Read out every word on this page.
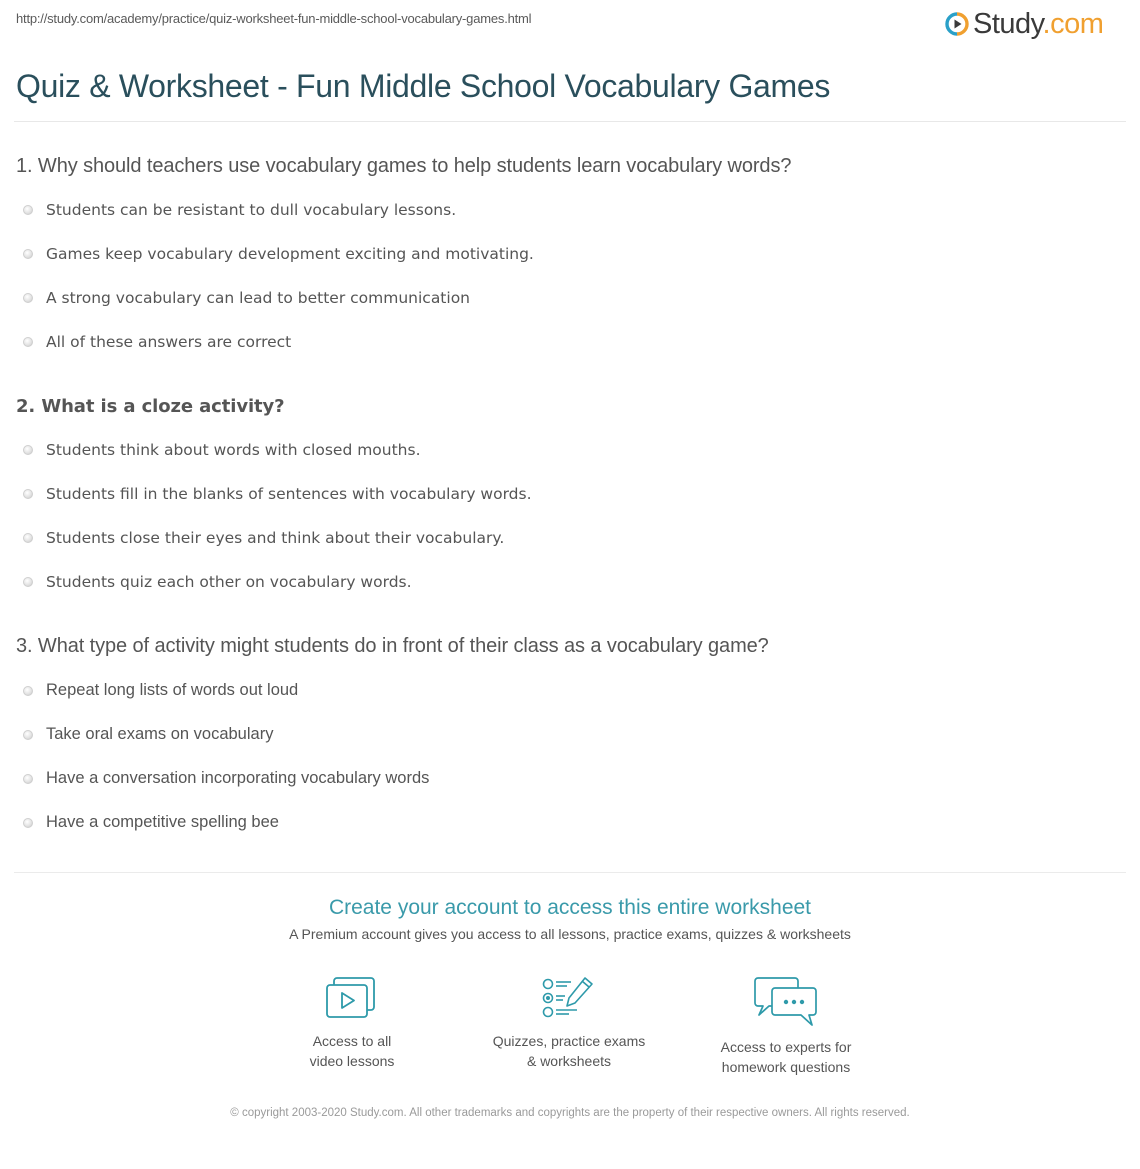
http://study.com/academy/practice/quiz-worksheet-fun-middle-school-vocabulary-games.html	Study.com
Quiz & Worksheet - Fun Middle School Vocabulary Games
1. Why should teachers use vocabulary games to help students learn vocabulary words?
Students can be resistant to dull vocabulary lessons.
Games keep vocabulary development exciting and motivating.
A strong vocabulary can lead to better communication
All of these answers are correct
2. What is a cloze activity?
Students think about words with closed mouths.
Students fill in the blanks of sentences with vocabulary words.
Students close their eyes and think about their vocabulary.
Students quiz each other on vocabulary words.
3. What type of activity might students do in front of their class as a vocabulary game?
Repeat long lists of words out loud
Take oral exams on vocabulary
Have a conversation incorporating vocabulary words
Have a competitive spelling bee
Create your account to access this entire worksheet

A Premium account gives you access to all lessons, practice exams, quizzes & worksheets

Access to all
video lessons
Quizzes, practice exams
& worksheets
Access to experts for
homework questions
© copyright 2003-2020 Study.com. All other trademarks and copyrights are the property of their respective owners. All rights reserved.
